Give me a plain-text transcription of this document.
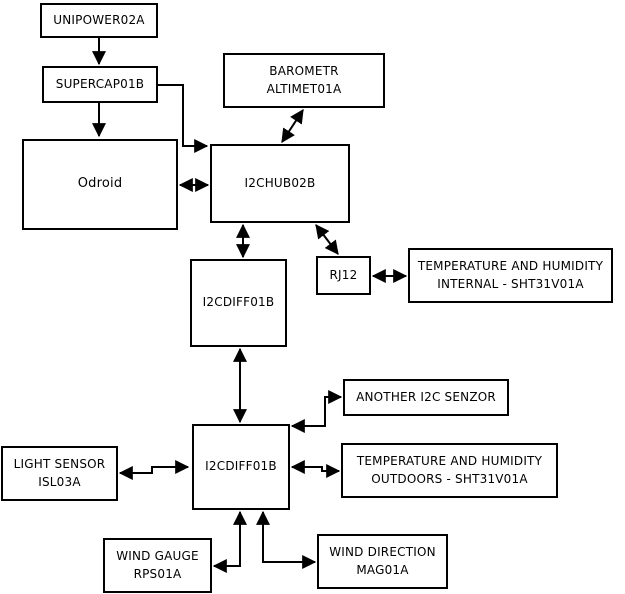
UNIPOWER02A
SUPERCAP01B
Odroid
BAROMETR
ALTIMET01A
I2CHUB02B
RJ12
TEMPERATURE AND HUMIDITY
INTERNAL - SHT31V01A
I2CDIFF01B
ANOTHER I2C SENZOR
I2CDIFF01B
LIGHT SENSOR
ISL03A
TEMPERATURE AND HUMIDITY
OUTDOORS - SHT31V01A
WIND GAUGE
RPS01A
WIND DIRECTION
MAG01A
